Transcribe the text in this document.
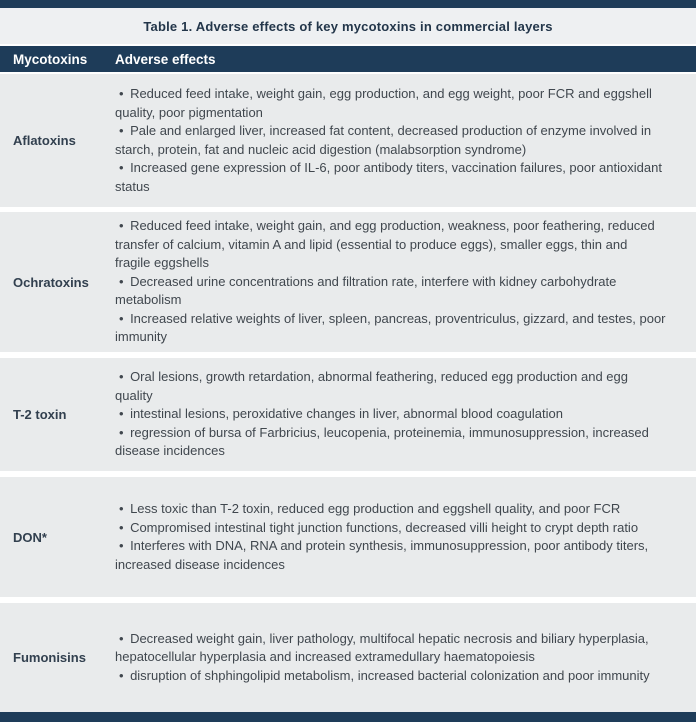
Table 1. Adverse effects of key mycotoxins in commercial layers
Mycotoxins	Adverse effects
Aflatoxins

• Reduced feed intake, weight gain, egg production, and egg weight, poor FCR and eggshell quality, poor pigmentation

• Pale and enlarged liver, increased fat content, decreased production of enzyme involved in starch, protein, fat and nucleic acid digestion (malabsorption syndrome)

• Increased gene expression of IL-6, poor antibody titers, vaccination failures, poor antioxidant status

Ochratoxins

• Reduced feed intake, weight gain, and egg production, weakness, poor feathering, reduced transfer of calcium, vitamin A and lipid (essential to produce eggs), smaller eggs, thin and fragile eggshells

• Decreased urine concentrations and filtration rate, interfere with kidney carbohydrate metabolism

• Increased relative weights of liver, spleen, pancreas, proventriculus, gizzard, and testes, poor immunity

T-2 toxin

• Oral lesions, growth retardation, abnormal feathering, reduced egg production and egg quality

• intestinal lesions, peroxidative changes in liver, abnormal blood coagulation

• regression of bursa of Farbricius, leucopenia, proteinemia, immunosuppression, increased disease incidences

DON*

• Less toxic than T-2 toxin, reduced egg production and eggshell quality, and poor FCR

• Compromised intestinal tight junction functions, decreased villi height to crypt depth ratio

• Interferes with DNA, RNA and protein synthesis, immunosuppression, poor antibody titers, increased disease incidences

Fumonisins

• Decreased weight gain, liver pathology, multifocal hepatic necrosis and biliary hyperplasia, hepatocellular hyperplasia and increased extramedullary haematopoiesis

• disruption of shphingolipid metabolism, increased bacterial colonization and poor immunity
